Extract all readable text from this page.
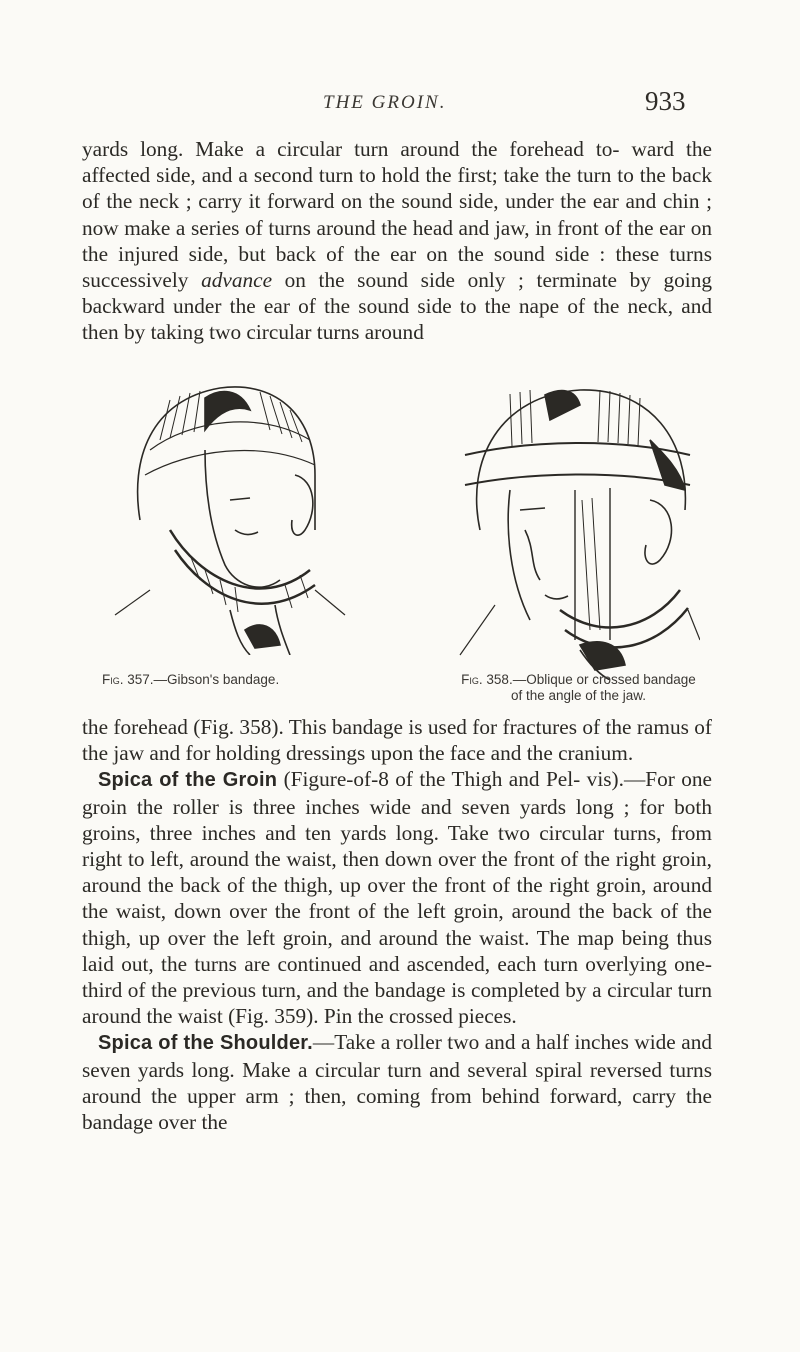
THE GROIN.	933
yards long. Make a circular turn around the forehead to- ward the affected side, and a second turn to hold the first; take the turn to the back of the neck ; carry it forward on the sound side, under the ear and chin ; now make a series of turns around the head and jaw, in front of the ear on the injured side, but back of the ear on the sound side : these turns successively advance on the sound side only ; terminate by going backward under the ear of the sound side to the nape of the neck, and then by taking two circular turns around
Fig. 357.—Gibson's bandage.	Fig. 358.—Oblique or crossed bandage of the angle of the jaw.

the forehead (Fig. 358). This bandage is used for fractures of the ramus of the jaw and for holding dressings upon the face and the cranium.

Spica of the Groin (Figure-of-8 of the Thigh and Pel- vis).—For one groin the roller is three inches wide and seven yards long ; for both groins, three inches and ten yards long. Take two circular turns, from right to left, around the waist, then down over the front of the right groin, around the back of the thigh, up over the front of the right groin, around the waist, down over the front of the left groin, around the back of the thigh, up over the left groin, and around the waist. The map being thus laid out, the turns are continued and ascended, each turn overlying one-third of the previous turn, and the bandage is completed by a circular turn around the waist (Fig. 359). Pin the crossed pieces.

Spica of the Shoulder.—Take a roller two and a half inches wide and seven yards long. Make a circular turn and several spiral reversed turns around the upper arm ; then, coming from behind forward, carry the bandage over the
